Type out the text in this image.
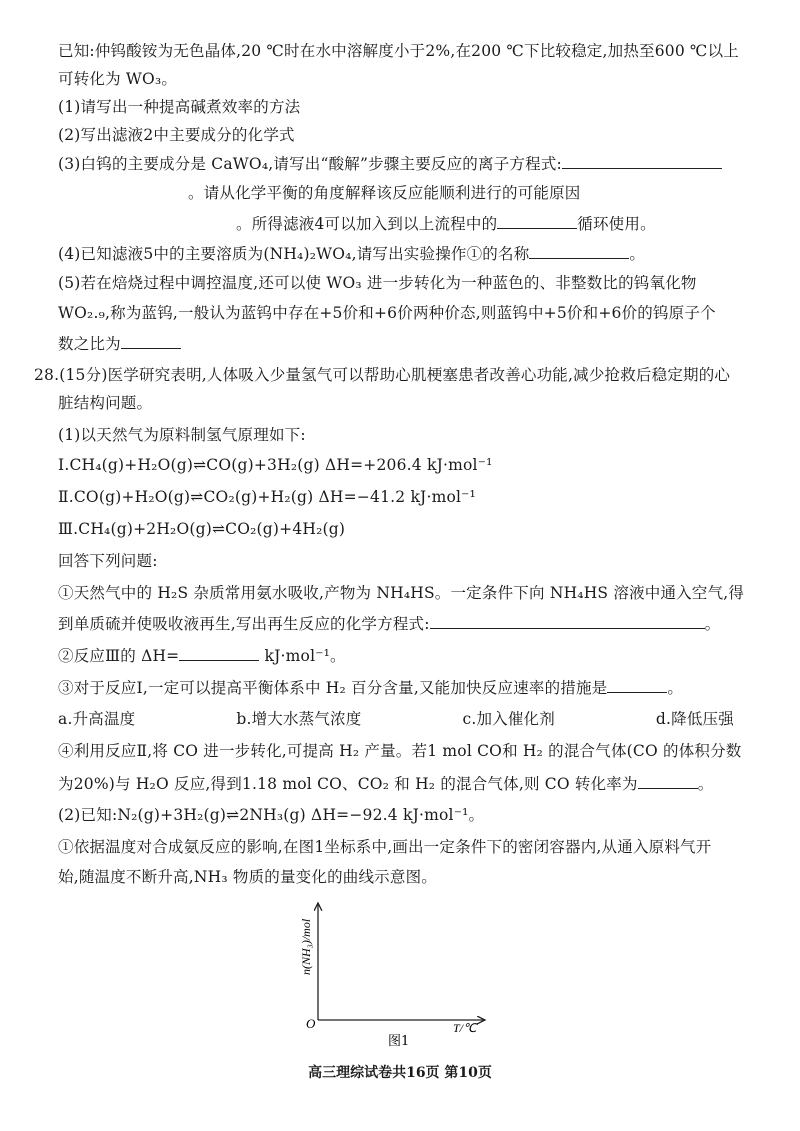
已知:仲钨酸铵为无色晶体,20 ℃时在水中溶解度小于2%,在200 ℃下比较稳定,加热至600 ℃以上
可转化为 WO₃。
(1)请写出一种提高碱煮效率的方法
(2)写出滤液2中主要成分的化学式
(3)白钨的主要成分是 CaWO₄,请写出“酸解”步骤主要反应的离子方程式:
。请从化学平衡的角度解释该反应能顺利进行的可能原因
。所得滤液4可以加入到以上流程中的	循环使用。
(4)已知滤液5中的主要溶质为(NH₄)₂WO₄,请写出实验操作①的名称	。
(5)若在焙烧过程中调控温度,还可以使 WO₃ 进一步转化为一种蓝色的、非整数比的钨氧化物
WO₂.₉,称为蓝钨,一般认为蓝钨中存在+5价和+6价两种价态,则蓝钨中+5价和+6价的钨原子个
数之比为
28.(15分)医学研究表明,人体吸入少量氢气可以帮助心肌梗塞患者改善心功能,减少抢救后稳定期的心
脏结构问题。
(1)以天然气为原料制氢气原理如下:
Ⅰ.CH₄(g)+H₂O(g)⇌CO(g)+3H₂(g) ΔH=+206.4 kJ·mol⁻¹
Ⅱ.CO(g)+H₂O(g)⇌CO₂(g)+H₂(g) ΔH=−41.2 kJ·mol⁻¹
Ⅲ.CH₄(g)+2H₂O(g)⇌CO₂(g)+4H₂(g)
回答下列问题:
①天然气中的 H₂S 杂质常用氨水吸收,产物为 NH₄HS。一定条件下向 NH₄HS 溶液中通入空气,得
到单质硫并使吸收液再生,写出再生反应的化学方程式:	。
②反应Ⅲ的 ΔH=	kJ·mol⁻¹。
③对于反应Ⅰ,一定可以提高平衡体系中 H₂ 百分含量,又能加快反应速率的措施是	。
a.升高温度	b.增大水蒸气浓度	c.加入催化剂	d.降低压强
④利用反应Ⅱ,将 CO 进一步转化,可提高 H₂ 产量。若1 mol CO和 H₂ 的混合气体(CO 的体积分数
为20%)与 H₂O 反应,得到1.18 mol CO、CO₂ 和 H₂ 的混合气体,则 CO 转化率为	。
(2)已知:N₂(g)+3H₂(g)⇌2NH₃(g) ΔH=−92.4 kJ·mol⁻¹。
①依据温度对合成氨反应的影响,在图1坐标系中,画出一定条件下的密闭容器内,从通入原料气开
始,随温度不断升高,NH₃ 物质的量变化的曲线示意图。
n(NH₃)/mol
O	T/℃
图1
高三理综试卷共16页 第10页
